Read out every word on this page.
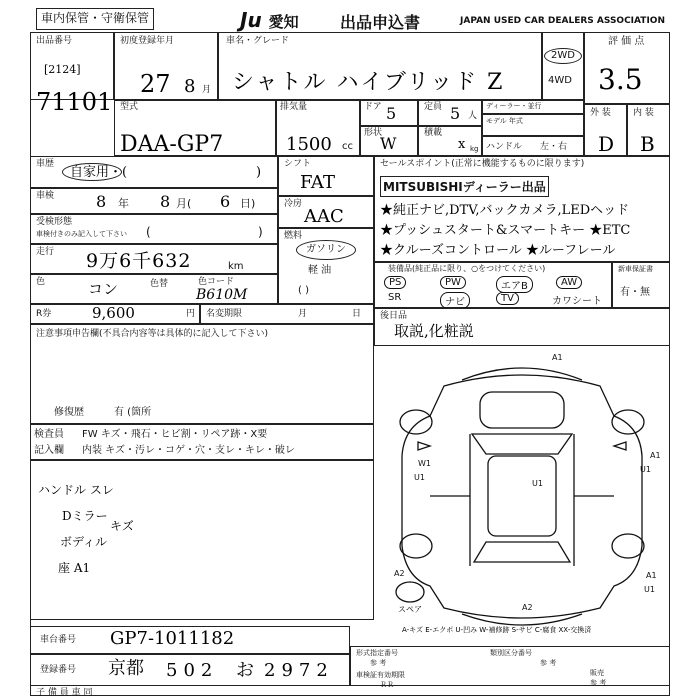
車内保管・守衛保管	Ju 愛知	出品申込書	JAPAN USED CAR DEALERS ASSOCIATION
出品番号
[2124]
71101
初度登録年月
27 8 月
車名・グレード
シャトル ハイブリッド Z
2WD
4WD
評 価 点
3.5
型式
DAA-GP7
排気量
1500 cc
ドア 5	定員 5 人
ディーラー・並行
モデル 年式
形状
W
積載
x kg ハンドル 左・右
外 装
D
内 装
B
車歴
自家用・(	)
車検	8 年 8 月( 6 日)
受検形態
車検付きのみ記入して下さい (	)
走行 9万6千632	km
色	コン	色替	色コード
B610M
シフト
FAT
冷房
AAC
燃料
ガソリン
軽 油
( )
セールスポイント(正常に機能するものに限ります)
MITSUBISHIディーラー出品
★純正ナビ,DTV,バックカメラ,LEDヘッド
★プッシュスタート&スマートキー ★ETC
★クルーズコントロール ★ルーフレール
装備品(純正品に限り、○をつけてください)
PS	PW	エアB	AW
SR	ナビ	TV	カワシート
新車保証書
有・無
R券	9,600	円 名変期限	月	日 後日品
取説,化粧説
注意事項申告欄(不具合内容等は具体的に記入して下さい)
修復歴	有 (箇所
検査員
記入欄
FW キズ・飛石・ヒビ割・リペア跡・X要
内装 キズ・汚レ・コゲ・穴・支レ・キレ・破レ
ハンドル スレ
Dミラー
キズ
ボディル
座 A1
A1
U1
W1
U1
A1
U1
A2
A2	A1
U1
スペア
A-キズ E-エクボ U-凹み W-補修跡 S-サビ C-腐食 XX-交換済
車台番号 GP7-1011182
登録番号 京都 502 お 2972
形式指定番号
参 考
類別区分番号
参 考
車検証有効期限	販売
参 考
ＲＲ
子 備 員 車 同
